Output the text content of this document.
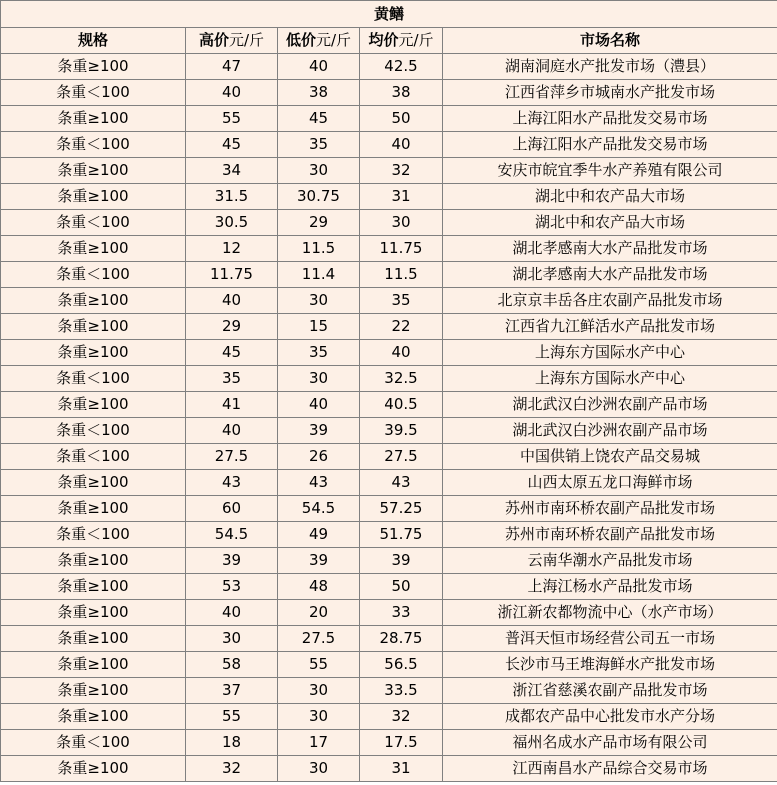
黄鳝				
规格	高价元/斤	低价元/斤	均价元/斤	市场名称
条重≥100	47	40	42.5	湖南洞庭水产批发市场（澧县）
条重＜100	40	38	38	江西省萍乡市城南水产批发市场
条重≥100	55	45	50	上海江阳水产品批发交易市场
条重＜100	45	35	40	上海江阳水产品批发交易市场
条重≥100	34	30	32	安庆市皖宜季牛水产养殖有限公司
条重≥100	31.5	30.75	31	湖北中和农产品大市场
条重＜100	30.5	29	30	湖北中和农产品大市场
条重≥100	12	11.5	11.75	湖北孝感南大水产品批发市场
条重＜100	11.75	11.4	11.5	湖北孝感南大水产品批发市场
条重≥100	40	30	35	北京京丰岳各庄农副产品批发市场
条重≥100	29	15	22	江西省九江鲜活水产品批发市场
条重≥100	45	35	40	上海东方国际水产中心
条重＜100	35	30	32.5	上海东方国际水产中心
条重≥100	41	40	40.5	湖北武汉白沙洲农副产品市场
条重＜100	40	39	39.5	湖北武汉白沙洲农副产品市场
条重＜100	27.5	26	27.5	中国供销上饶农产品交易城
条重≥100	43	43	43	山西太原五龙口海鲜市场
条重≥100	60	54.5	57.25	苏州市南环桥农副产品批发市场
条重＜100	54.5	49	51.75	苏州市南环桥农副产品批发市场
条重≥100	39	39	39	云南华潮水产品批发市场
条重≥100	53	48	50	上海江杨水产品批发市场
条重≥100	40	20	33	浙江新农都物流中心（水产市场）
条重≥100	30	27.5	28.75	普洱天恒市场经营公司五一市场
条重≥100	58	55	56.5	长沙市马王堆海鲜水产批发市场
条重≥100	37	30	33.5	浙江省慈溪农副产品批发市场
条重≥100	55	30	32	成都农产品中心批发市水产分场
条重＜100	18	17	17.5	福州名成水产品市场有限公司
条重≥100	32	30	31	江西南昌水产品综合交易市场
